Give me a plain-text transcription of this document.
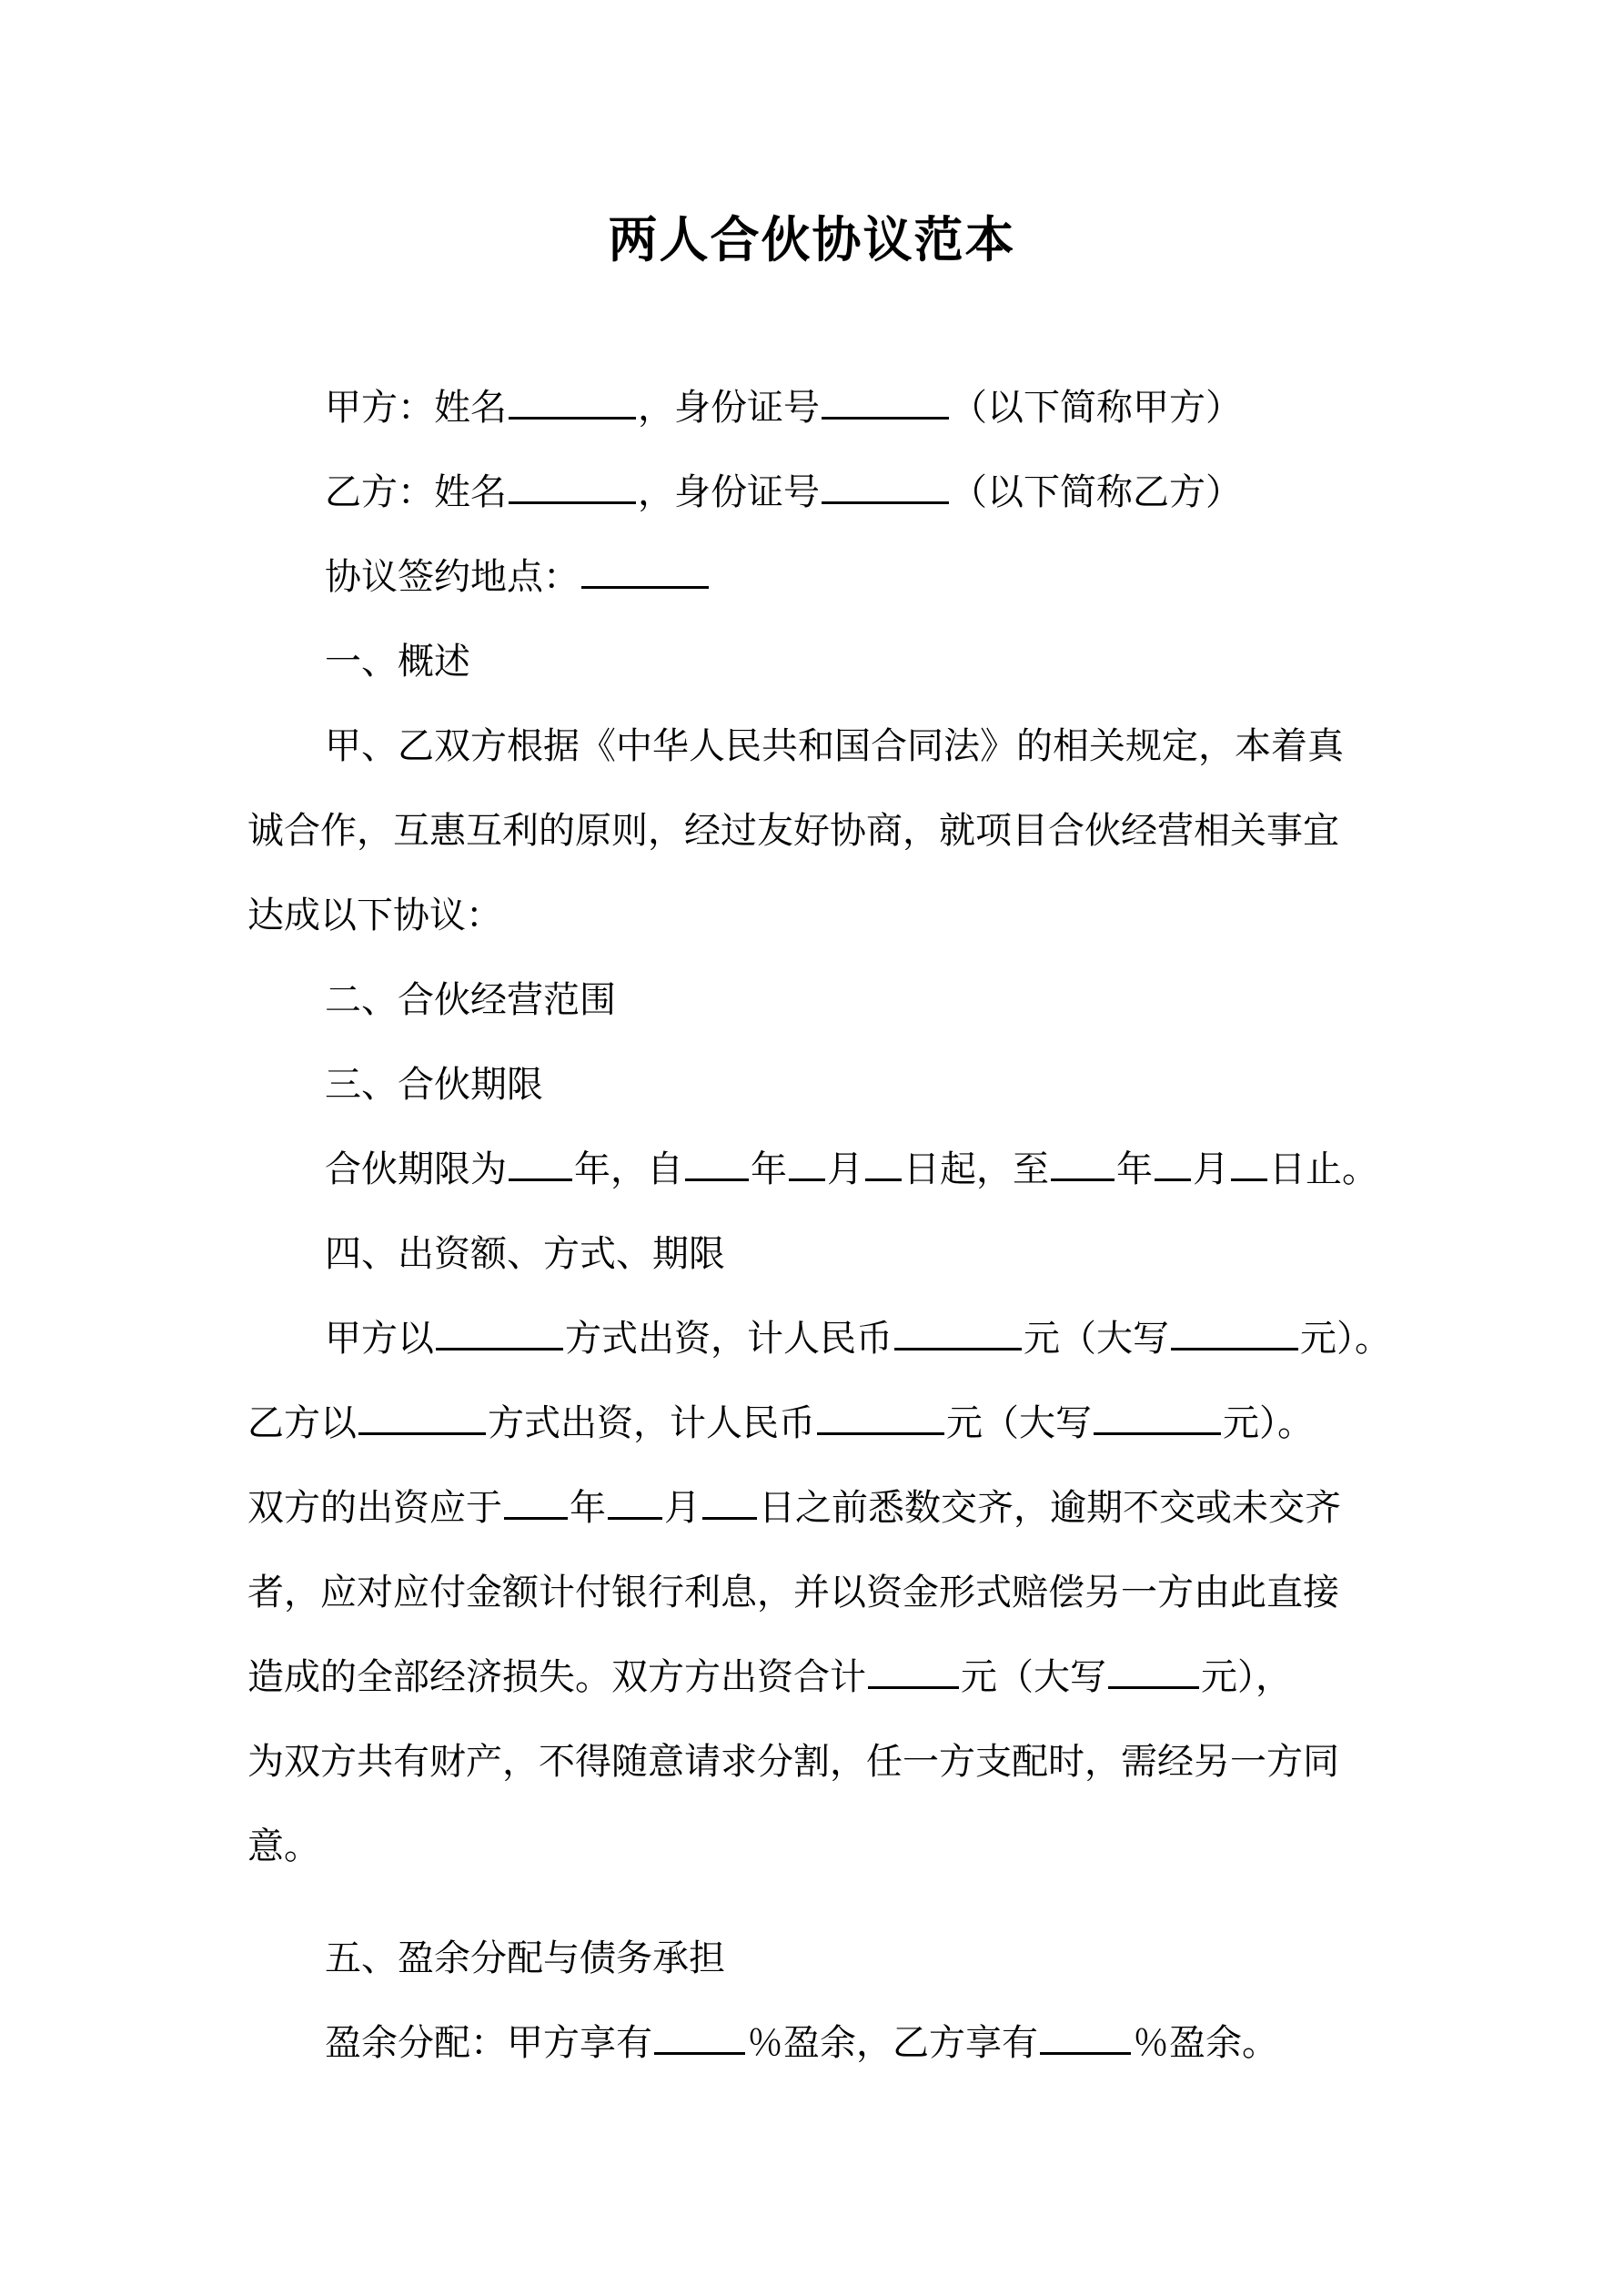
两人合伙协议范本
甲方：姓名	，身份证号	（以下简称甲方）
乙方：姓名	，身份证号	（以下简称乙方）
协议签约地点：
一、概述
甲、乙双方根据《中华人民共和国合同法》的相关规定，本着真
诚合作，互惠互利的原则，经过友好协商，就项目合伙经营相关事宜
达成以下协议：
二、合伙经营范围
三、合伙期限
合伙期限为 年，自 年 月 日起，至 年 月 日止。
四、出资额、方式、期限
甲方以	方式出资，计人民币	元（大写	元）。
乙方以	方式出资，计人民币	元（大写	元）。
双方的出资应于 年 月 日之前悉数交齐，逾期不交或未交齐
者，应对应付金额计付银行利息，并以资金形式赔偿另一方由此直接
造成的全部经济损失。双方方出资合计	元（大写	元），
为双方共有财产，不得随意请求分割，任一方支配时，需经另一方同
意。
五、盈余分配与债务承担
盈余分配：甲方享有	％盈余，乙方享有	％盈余。
